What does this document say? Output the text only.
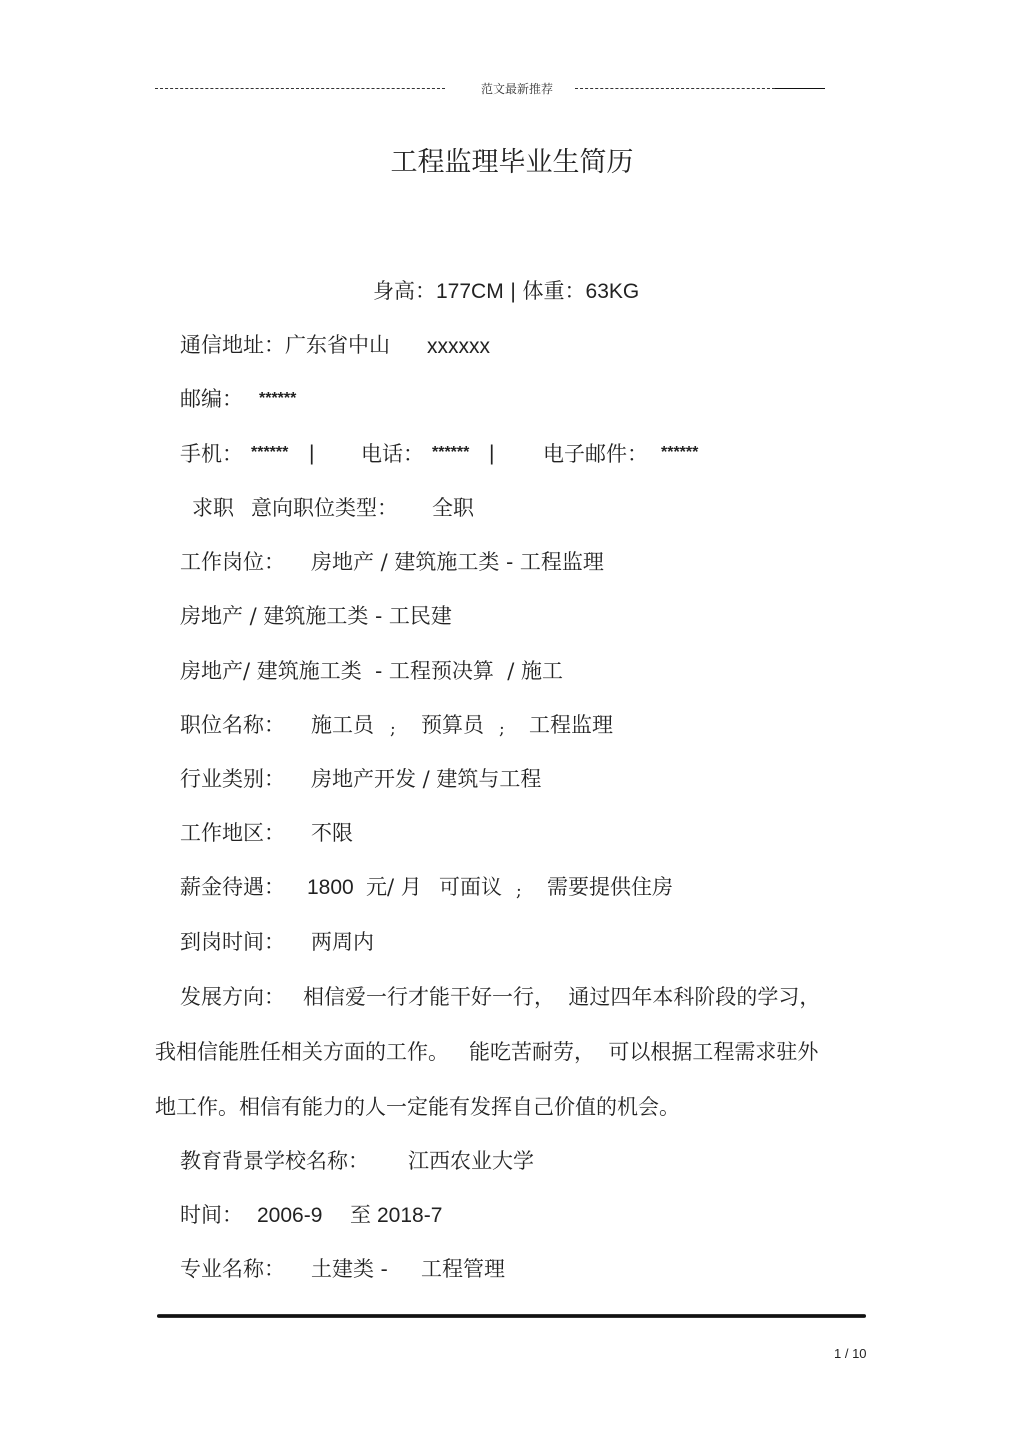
范文最新推荐
工程监理毕业生简历
身高：177CM | 体重：63KG
通信地址：广东省中山 xxxxxx
邮编： ******
手机： ****** | 电话： ****** | 电子邮件： ******
求职 意向职位类型： 全职
工作岗位： 房地产 / 建筑施工类 - 工程监理
房地产 / 建筑施工类 - 工民建
房地产/ 建筑施工类  - 工程预决算  / 施工
职位名称： 施工员 ; 预算员 ; 工程监理
行业类别： 房地产开发 / 建筑与工程
工作地区： 不限
薪金待遇： 1800 元/ 月 可面议 ; 需要提供住房
到岗时间： 两周内
发展方向： 相信爱一行才能干好一行，  通过四年本科阶段的学习，
我相信能胜任相关方面的工作。   能吃苦耐劳，  可以根据工程需求驻外
地工作。相信有能力的人一定能有发挥自己价值的机会。
教育背景学校名称： 江西农业大学
时间： 2006-9 至 2018-7
专业名称： 土建类 - 工程管理
1 / 10
